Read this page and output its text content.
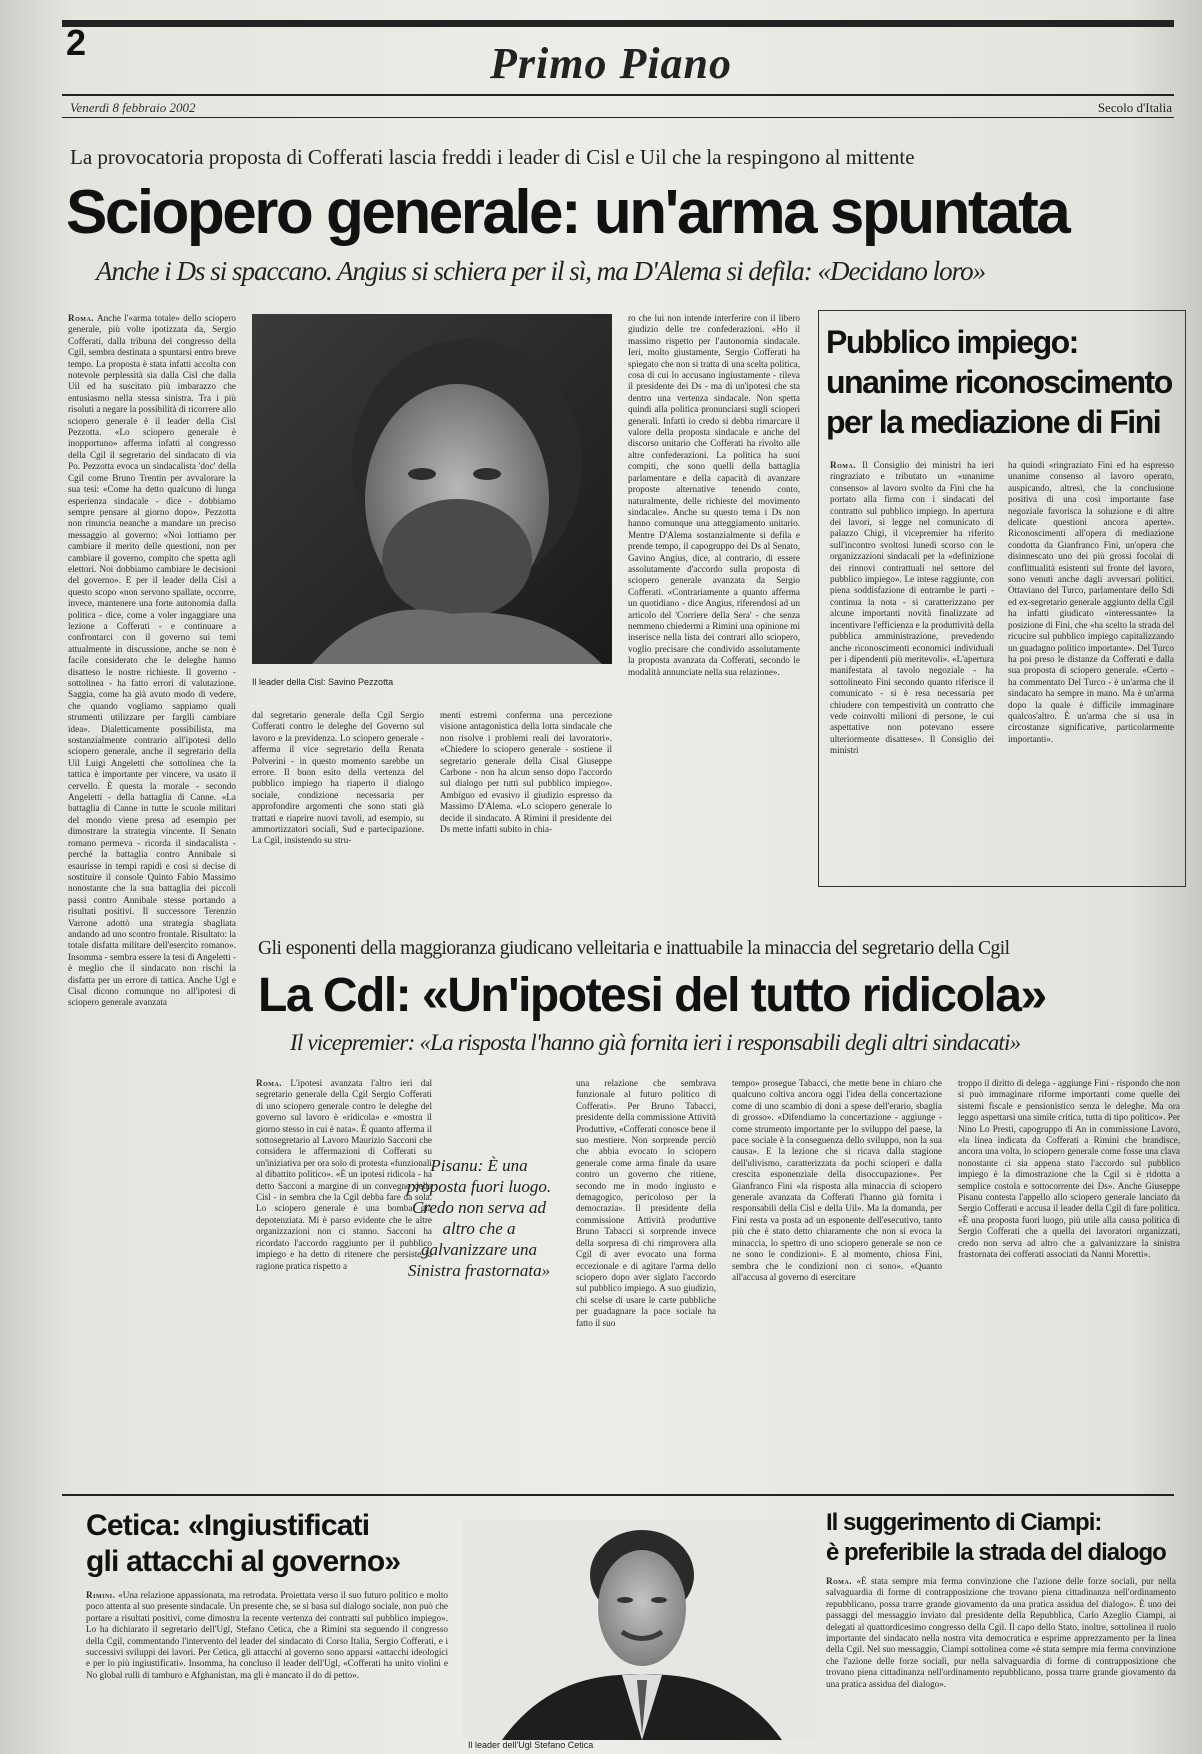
2	Primo Piano
Venerdì 8 febbraio 2002	Secolo d'Italia
La provocatoria proposta di Cofferati lascia freddi i leader di Cisl e Uil che la respingono al mittente
Sciopero generale: un'arma spuntata
Anche i Ds si spaccano. Angius si schiera per il sì, ma D'Alema si defila: «Decidano loro»
Roma. Anche l'«arma totale» dello sciopero generale, più volte ipotizzata da, Sergio Cofferati, dalla tribuna del congresso della Cgil, sembra destinata a spuntarsi entro breve tempo. La proposta è stata infatti accolta con notevole perplessità sia dalla Cisl che dalla Uil ed ha suscitato più imbarazzo che entusiasmo nella stessa sinistra. Tra i più risoluti a negare la possibilità di ricorrere allo sciopero generale è il leader della Cisl Pezzotta. «Lo sciopero generale è inopportuno» afferma infatti al congresso della Cgil il segretario del sindacato di via Po. Pezzotta evoca un sindacalista 'doc' della Cgil come Bruno Trentin per avvalorare la sua tesi: «Come ha detto qualcuno di lunga esperienza sindacale - dice - dobbiamo sempre pensare al giorno dopo». Pezzotta non rinuncia neanche a mandare un preciso messaggio al governo: «Noi lottiamo per cambiare il merito delle questioni, non per cambiare il governo, compito che spetta agli elettori. Noi dobbiamo cambiare le decisioni del governo». E per il leader della Cisl a questo scopo «non servono spallate, occorre, invece, mantenere una forte autonomia dalla politica - dice, come a voler ingaggiare una lezione a Cofferati - e continuare a confrontarci con il governo sui temi attualmente in discussione, anche se non è facile considerato che le deleghe hanno disatteso le nostre richieste. Il governo - sottolinea - ha fatto errori di valutazione. Saggia, come ha già avuto modo di vedere, che quando vogliamo sappiamo quali strumenti utilizzare per farglli cambiare idea». Dialetticamente possibilista, ma sostanzialmente contrario all'ipotesi dello sciopero generale, anche il segretario della Uil Luigi Angeletti che sottolinea che la tattica è importante per vincere, va usato il cervello. È questa la morale - secondo Angeletti - della battaglia di Canne. «La battaglia di Canne in tutte le scuole militari del mondo viene presa ad esempio per dimostrare la strategia vincente. Il Senato romano permeva - ricorda il sindacalista - perché la battaglia contro Annibale si esaurisse in tempi rapidi e così si decise di sostituire il console Quinto Fabio Massimo nonostante che la sua battaglia dei piccoli passi contro Annibale stesse portando a risultati positivi. Il successore Terenzio Varrone adottò una strategia sbagliata andando ad uno scontro frontale. Risultato: la totale disfatta militare dell'esercito romano». Insomma - sembra essere la tesi di Angeletti - è meglio che il sindacato non rischi la disfatta per un errore di tattica. Anche Ugl e Cisal dicono comunque no all'ipotesi di sciopero generale avanzata
Il leader della Cisl: Savino Pezzotta
dal segretario generale della Cgil Sergio Cofferati contro le deleghe del Governo sul lavoro e la previdenza. Lo sciopero generale - afferma il vice segretario della Renata Polverini - in questo momento sarebbe un errore. Il buon esito della vertenza del pubblico impiego ha riaperto il dialogo sociale, condizione necessaria per approfondire argomenti che sono stati già trattati e riaprire nuovi tavoli, ad esempio, su ammortizzatori sociali, Sud e partecipazione. La Cgil, insistendo su stru-
menti estremi conferma una percezione visione antagonistica della lotta sindacale che non risolve i problemi reali dei lavoratori». «Chiedere lo sciopero generale - sostiene il segretario generale della Cisal Giuseppe Carbone - non ha alcun senso dopo l'accordo sul dialogo per tutti sul pubblico impiego». Ambiguo ed evasivo il giudizio espresso da Massimo D'Alema. «Lo sciopero generale lo decide il sindacato. A Rimini il presidente dei Ds mette infatti subito in chia-
ro che lui non intende interferire con il libero giudizio delle tre confederazioni. «Ho il massimo rispetto per l'autonomia sindacale. Ieri, molto giustamente, Sergio Cofferati ha spiegato che non si tratta di una scelta politica, cosa di cui lo accusano ingiustamente - rileva il presidente dei Ds - ma di un'ipotesi che sta dentro una vertenza sindacale. Non spetta quindi alla politica pronunciarsi sugli scioperi generali. Infatti io credo si debba rimarcare il valore della proposta sindacale e anche del discorso unitario che Cofferati ha rivolto alle altre confederazioni. La politica ha suoi compiti, che sono quelli della battaglia parlamentare e della capacità di avanzare proposte alternative tenendo conto, naturalmente, delle richieste del movimento sindacale». Anche su questo tema i Ds non hanno comunque una atteggiamento unitario. Mentre D'Alema sostanzialmente si defila e prende tempo, il capogruppo dei Ds al Senato, Gavino Angius, dice, al contrario, di essere assolutamente d'accordo sulla proposta di sciopero generale avanzata da Sergio Cofferati. «Contrariamente a quanto afferma un quotidiano - dice Angius, riferendosi ad un articolo del 'Corriere della Sera' - che senza nemmeno chiedermi a Rimini una opinione mi inserisce nella lista dei contrari allo sciopero, voglio precisare che condivido assolutamente la proposta avanzata da Cofferati, secondo le modalità annunciate nella sua relazione».
Pubblico impiego:
unanime riconoscimento
per la mediazione di Fini
Roma. Il Consiglio dei ministri ha ieri ringraziato e tributato un «unanime consenso» al lavoro svolto da Fini che ha portato alla firma con i sindacati del contratto sul pubblico impiego. In apertura dei lavori, si legge nel comunicato di palazzo Chigi, il vicepremier ha riferito sull'incontro svoltosi lunedì scorso con le organizzazioni sindacali per la «definizione dei rinnovi contrattuali nel settore del pubblico impiego». Le intese raggiunte, con piena soddisfazione di entrambe le parti - continua la nota - si caratterizzano per alcune importanti novità finalizzate ad incentivare l'efficienza e la produttività della pubblica amministrazione, prevedendo anche riconoscimenti economici individuali per i dipendenti più meritevoli». «L'apertura manifestata al tavolo negoziale - ha sottolineato Fini secondo quanto riferisce il comunicato - si è resa necessaria per chiudere con tempestività un contratto che vede coinvolti milioni di persone, le cui aspettative non potevano essere ulteriormente disattese». Il Consiglio dei ministri
ha quindi «ringraziato Fini ed ha espresso unanime consenso al lavoro operato, auspicando, altresì, che la conclusione positiva di una così importante fase negoziale favorisca la soluzione e di altre delicate questioni ancora aperte». Riconoscimenti all'opera di mediazione condotta da Gianfranco Fini, un'opera che disinnescato uno dei più grossi focolai di conflittualità esistenti sul fronte del lavoro, sono venuti anche dagli avversari politici. Ottaviano del Turco, parlamentare dello Sdi ed ex-segretario generale aggiunto della Cgil ha infatti giudicato «interessante» la posizione di Fini, che «ha scelto la strada del ricucire sul pubblico impiego capitalizzando un guadagno politico importante». Del Turco ha poi preso le distanze da Cofferati e dalla sua proposta di sciopero generale. «Certo - ha commentato Del Turco - è un'arma che il sindacato ha sempre in mano. Ma è un'arma dopo la quale è difficile immaginare qualcos'altro. È un'arma che si usa in circostanze significative, particolarmente importanti».
Gli esponenti della maggioranza giudicano velleitaria e inattuabile la minaccia del segretario della Cgil
La Cdl: «Un'ipotesi del tutto ridicola»
Il vicepremier: «La risposta l'hanno già fornita ieri i responsabili degli altri sindacati»
Roma. L'ipotesi avanzata l'altro ieri dal segretario generale della Cgil Sergio Cofferati di uno sciopero generale contro le deleghe del governo sul lavoro è «ridicola» e «mostra il giorno stesso in cui è nata». È quanto afferma il sottosegretario al Lavoro Maurizio Sacconi che considera le affermazioni di Cofferati su un'iniziativa per ora solo di protesta «funzionali al dibattito politico». «È un ipotesi ridicola - ha detto Sacconi a margine di un convegno della Cisl - in sembra che la Cgil debba fare da sola. Lo sciopero generale è una bomba già depotenziata. Mi è parso evidente che le altre organizzazioni non ci stanno. Sacconi ha ricordato l'accordo raggiunto per il pubblico impiego e ha detto di ritenere che persiste la ragione pratica rispetto a
Pisanu: È una proposta fuori luogo. Credo non serva ad altro che a galvanizzare una Sinistra frastornata»
una relazione che sembrava funzionale al futuro politico di Cofferati». Per Bruno Tabacci, presidente della commissione Attività Produttive, «Cofferati conosce bene il suo mestiere. Non sorprende perciò che abbia evocato lo sciopero generale come arma finale da usare contro un governo che ritiene, secondo me in modo ingiusto e demagogico, pericoloso per la democrazia». Il presidente della commissione Attività produttive Bruno Tabacci si sorprende invece della sorpresa di chi rimprovera alla Cgil di aver evocato una forma eccezionale e di agitare l'arma dello sciopero dopo aver siglato l'accordo sul pubblico impiego. A suo giudizio, chi scelse di usare le carte pubbliche per guadagnare la pace sociale ha fatto il suo
tempo» prosegue Tabacci, che mette bene in chiaro che qualcuno coltiva ancora oggi l'idea della concertazione come di uno scambio di doni a spese dell'erario, sbaglia di grosso». «Difendiamo la concertazione - aggiunge - come strumento importante per lo sviluppo del paese, la pace sociale è la conseguenza dello sviluppo, non la sua causa». E la lezione che si ricava dalla stagione dell'ulivismo, caratterizzata da pochi scioperi e dalla crescita esponenziale della disoccupazione». Per Gianfranco Fini «la risposta alla minaccia di sciopero generale avanzata da Cofferati l'hanno già fornita i responsabili della Cisl e della Uil». Ma la domanda, per Fini resta va posta ad un esponente dell'esecutivo, tanto più che è stato detto chiaramente che non si evoca la minaccia, lo spettro di uno sciopero generale se non ce ne sono le condizioni». E al momento, chiosa Fini, sembra che le condizioni non ci sono». «Quanto all'accusa al governo di esercitare
troppo il diritto di delega - aggiunge Fini - rispondo che non si può immaginare riforme importanti come quelle dei sistemi fiscale e pensionistico senza le deleghe. Ma ora leggo aspettarsi una simile critica, tutta di tipo politico». Per Nino Lo Presti, capogruppo di An in commissione Lavoro, «la linea indicata da Cofferati a Rimini che brandisce, ancora una volta, lo sciopero generale come fosse una clava nonostante ci sia appena stato l'accordo sul pubblico impiego è la dimostrazione che la Cgil si è ridotta a semplice costola e sottocorrente dei Ds». Anche Giuseppe Pisanu contesta l'appello allo sciopero generale lanciato da Sergio Cofferati e accusa il leader della Cgil di fare politica. «È una proposta fuori luogo, più utile alla causa politica di Sergio Cofferati che a quella dei lavoratori organizzati, credo non serva ad altro che a galvanizzare la sinistra frastornata dei cofferati associati da Nanni Moretti».
Cetica: «Ingiustificati
gli attacchi al governo»
Rimini. «Una relazione appassionata, ma retrodata. Proiettata verso il suo futuro politico e molto poco attenta al suo presente sindacale. Un presente che, se si basa sul dialogo sociale, non può che portare a risultati positivi, come dimostra la recente vertenza dei contratti sul pubblico impiego». Lo ha dichiarato il segretario dell'Ugl, Stefano Cetica, che a Rimini sta seguendo il congresso della Cgil, commentando l'intervento del leader del sindacato di Corso Italia, Sergio Cofferati, e i successivi sviluppi dei lavori. Per Cetica, gli attacchi al governo sono apparsi «attacchi ideologici e per lo più ingiustificati». Insomma, ha concluso il leader dell'Ugl, «Cofferati ha unito violini e No global rulli di tamburo e Afghanistan, ma gli è mancato il do di petto».
Il leader dell'Ugl Stefano Cetica
Il suggerimento di Ciampi:
è preferibile la strada del dialogo
Roma. «È stata sempre mia ferma convinzione che l'azione delle forze sociali, pur nella salvaguardia di forme di contrapposizione che trovano piena cittadinanza nell'ordinamento repubblicano, possa trarre grande giovamento da una pratica assidua del dialogo». È uno dei passaggi del messaggio inviato dal presidente della Repubblica, Carlo Azeglio Ciampi, ai delegati al quattordicesimo congresso della Cgil. Il capo dello Stato, inoltre, sottolinea il ruolo importante del sindacato nella nostra vita democratica e esprime apprezzamento per la linea della Cgil. Nel suo messaggio, Ciampi sottolinea come «è stata sempre mia ferma convinzione che l'azione delle forze sociali, pur nella salvaguardia di forme di contrapposizione che trovano piena cittadinanza nell'ordinamento repubblicano, possa trarre grande giovamento da una pratica assidua del dialogo».
